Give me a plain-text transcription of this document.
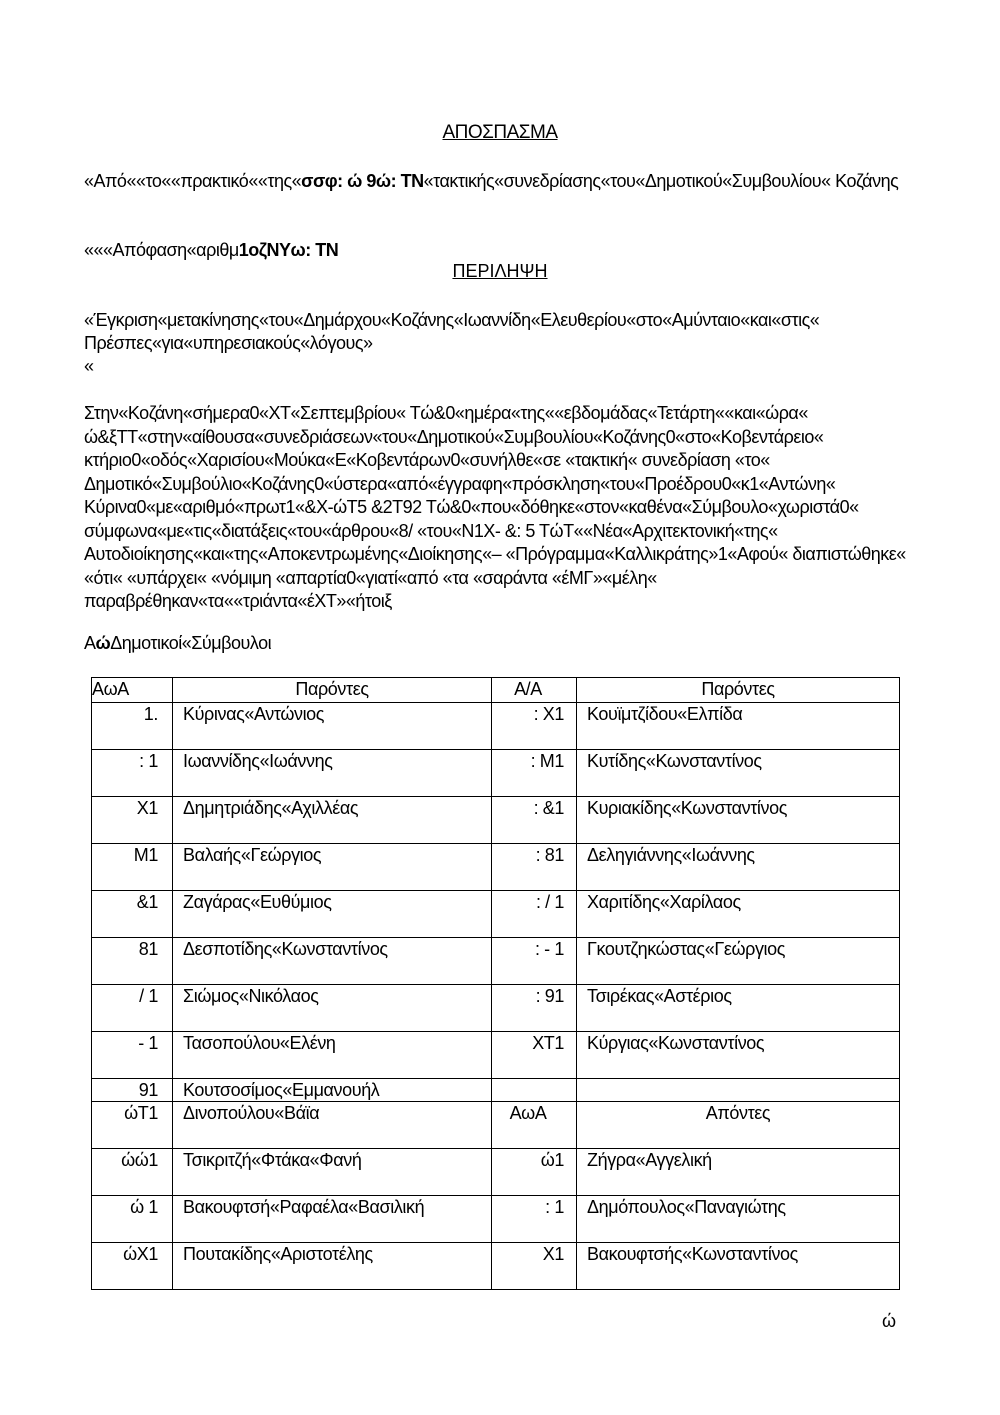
ΑΠΟΣΠΑΣΜΑ
«Από««το««πρακτικό««της«σσφ: ώ 9ώ: ΤΝ«τακτικής«συνεδρίασης«του«Δημοτικού«Συμβουλίου« Κοζάνης
«««Απόφαση«αριθμ1οζΝΥω: ΤΝ
ΠΕΡΙΛΗΨΗ
«Έγκριση«μετακίνησης«του«Δημάρχου«Κοζάνης«Ιωαννίδη«Ελευθερίου«στο«Αμύνταιο«και«στις« Πρέσπες«για«υπηρεσιακούς«λόγους»
«
Στην«Κοζάνη«σήμερα0«ΧΤ«Σεπτεμβρίου« Τώ&0«ημέρα«της««εβδομάδας«Τετάρτη««και«ώρα« ώ&ξΤΤ«στην«αίθουσα«συνεδριάσεων«του«Δημοτικού«Συμβουλίου«Κοζάνης0«στο«Κοβεντάρειο« κτήριο0«οδός«Χαρισίου«Μούκα«Ε«Κοβεντάρων0«συνήλθε«σε «τακτική« συνεδρίαση «το« Δημοτικό«Συμβούλιο«Κοζάνης0«ύστερα«από«έγγραφη«πρόσκληση«του«Προέδρου0«κ1«Αντώνη« Κύρινα0«με«αριθμό«πρωτ1«&Χ-ώΤ5 &2Τ92 Τώ&0«που«δόθηκε«στον«καθένα«Σύμβουλο«χωριστά0« σύμφωνα«με«τις«διατάξεις«του«άρθρου«8/ «του«Ν1Χ- &: 5 ΤώΤ««Νέα«Αρχιτεκτονική«της« Αυτοδιοίκησης«και«της«Αποκεντρωμένης«Διοίκησης«– «Πρόγραμμα«Καλλικράτης»1«Αφού« διαπιστώθηκε« «ότι« «υπάρχει« «νόμιμη «απαρτία0«γιατί«από «τα «σαράντα «έΜΓ»«μέλη« παραβρέθηκαν«τα««τριάντα«έΧΤ»«ήτοιξ
ΑώΔημοτικοί«Σύμβουλοι
ΑωΑ	Παρόντες	Α/Α	Παρόντες
1.	Κύρινας«Αντώνιος	: Χ1	Κουϊμτζίδου«Ελπίδα
: 1	Ιωαννίδης«Ιωάννης	: Μ1	Κυτίδης«Κωνσταντίνος
Χ1	Δημητριάδης«Αχιλλέας	: &1	Κυριακίδης«Κωνσταντίνος
Μ1	Βαλαής«Γεώργιος	: 81	Δεληγιάννης«Ιωάννης
&1	Ζαγάρας«Ευθύμιος	: / 1	Χαριτίδης«Χαρίλαος
81	Δεσποτίδης«Κωνσταντίνος	: - 1	Γκουτζηκώστας«Γεώργιος
/ 1	Σιώμος«Νικόλαος	: 91	Τσιρέκας«Αστέριος
- 1	Τασοπούλου«Ελένη	ΧΤ1	Κύργιας«Κωνσταντίνος
91	Κουτσοσίμος«Εμμανουήλ		
ώΤ1	Δινοπούλου«Βάϊα	ΑωΑ	Απόντες
ώώ1	Τσικριτζή«Φτάκα«Φανή	ώ1	Ζήγρα«Αγγελική
ώ 1	Βακουφτσή«Ραφαέλα«Βασιλική	: 1	Δημόπουλος«Παναγιώτης
ώΧ1	Πουτακίδης«Αριστοτέλης	Χ1	Βακουφτσής«Κωνσταντίνος
ώ
